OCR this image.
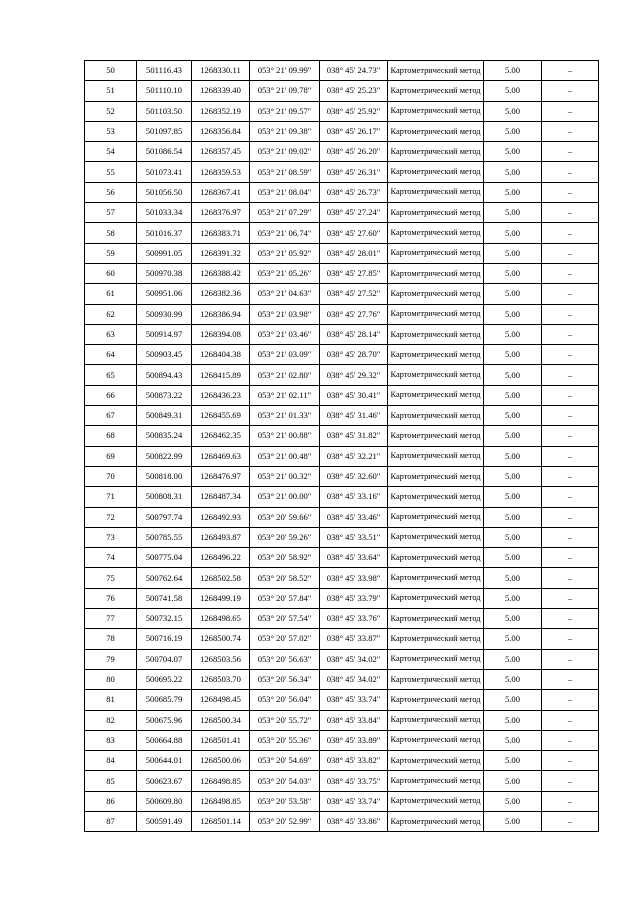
50	501116.43	1268330.11	053° 21' 09.99"	038° 45' 24.73"	Картометрический метод	5.00	–
51	501110.10	1268339.40	053° 21' 09.78"	038° 45' 25.23"	Картометрический метод	5.00	–
52	501103.50	1268352.19	053° 21' 09.57"	038° 45' 25.92"	Картометрический метод	5.00	–
53	501097.85	1268356.84	053° 21' 09.38"	038° 45' 26.17"	Картометрический метод	5.00	–
54	501086.54	1268357.45	053° 21' 09.02"	038° 45' 26.20"	Картометрический метод	5.00	–
55	501073.41	1268359.53	053° 21' 08.59"	038° 45' 26.31"	Картометрический метод	5.00	–
56	501056.50	1268367.41	053° 21' 08.04"	038° 45' 26.73"	Картометрический метод	5.00	–
57	501033.34	1268376.97	053° 21' 07.29"	038° 45' 27.24"	Картометрический метод	5.00	–
58	501016.37	1268383.71	053° 21' 06.74"	038° 45' 27.60"	Картометрический метод	5.00	–
59	500991.05	1268391.32	053° 21' 05.92"	038° 45' 28.01"	Картометрический метод	5.00	–
60	500970.38	1268388.42	053° 21' 05.26"	038° 45' 27.85"	Картометрический метод	5.00	–
61	500951.06	1268382.36	053° 21' 04.63"	038° 45' 27.52"	Картометрический метод	5.00	–
62	500930.99	1268386.94	053° 21' 03.98"	038° 45' 27.76"	Картометрический метод	5.00	–
63	500914.97	1268394.08	053° 21' 03.46"	038° 45' 28.14"	Картометрический метод	5.00	–
64	500903.45	1268404.38	053° 21' 03.09"	038° 45' 28.70"	Картометрический метод	5.00	–
65	500894.43	1268415.89	053° 21' 02.80"	038° 45' 29.32"	Картометрический метод	5.00	–
66	500873.22	1268436.23	053° 21' 02.11"	038° 45' 30.41"	Картометрический метод	5.00	–
67	500849.31	1268455.69	053° 21' 01.33"	038° 45' 31.46"	Картометрический метод	5.00	–
68	500835.24	1268462.35	053° 21' 00.88"	038° 45' 31.82"	Картометрический метод	5.00	–
69	500822.99	1268469.63	053° 21' 00.48"	038° 45' 32.21"	Картометрический метод	5.00	–
70	500818.00	1268476.97	053° 21' 00.32"	038° 45' 32.60"	Картометрический метод	5.00	–
71	500808.31	1268487.34	053° 21' 00.00"	038° 45' 33.16"	Картометрический метод	5.00	–
72	500797.74	1268492.93	053° 20' 59.66"	038° 45' 33.46"	Картометрический метод	5.00	–
73	500785.55	1268493.87	053° 20' 59.26"	038° 45' 33.51"	Картометрический метод	5.00	–
74	500775.04	1268496.22	053° 20' 58.92"	038° 45' 33.64"	Картометрический метод	5.00	–
75	500762.64	1268502.58	053° 20' 58.52"	038° 45' 33.98"	Картометрический метод	5.00	–
76	500741.58	1268499.19	053° 20' 57.84"	038° 45' 33.79"	Картометрический метод	5.00	–
77	500732.15	1268498.65	053° 20' 57.54"	038° 45' 33.76"	Картометрический метод	5.00	–
78	500716.19	1268500.74	053° 20' 57.02"	038° 45' 33.87"	Картометрический метод	5.00	–
79	500704.07	1268503.56	053° 20' 56.63"	038° 45' 34.02"	Картометрический метод	5.00	–
80	500695.22	1268503.70	053° 20' 56.34"	038° 45' 34.02"	Картометрический метод	5.00	–
81	500685.79	1268498.45	053° 20' 56.04"	038° 45' 33.74"	Картометрический метод	5.00	–
82	500675.96	1268500.34	053° 20' 55.72"	038° 45' 33.84"	Картометрический метод	5.00	–
83	500664.88	1268501.41	053° 20' 55.36"	038° 45' 33.89"	Картометрический метод	5.00	–
84	500644.01	1268500.06	053° 20' 54.69"	038° 45' 33.82"	Картометрический метод	5.00	–
85	500623.67	1268498.85	053° 20' 54.03"	038° 45' 33.75"	Картометрический метод	5.00	–
86	500609.80	1268498.85	053° 20' 53.58"	038° 45' 33.74"	Картометрический метод	5.00	–
87	500591.49	1268501.14	053° 20' 52.99"	038° 45' 33.86"	Картометрический метод	5.00	–
